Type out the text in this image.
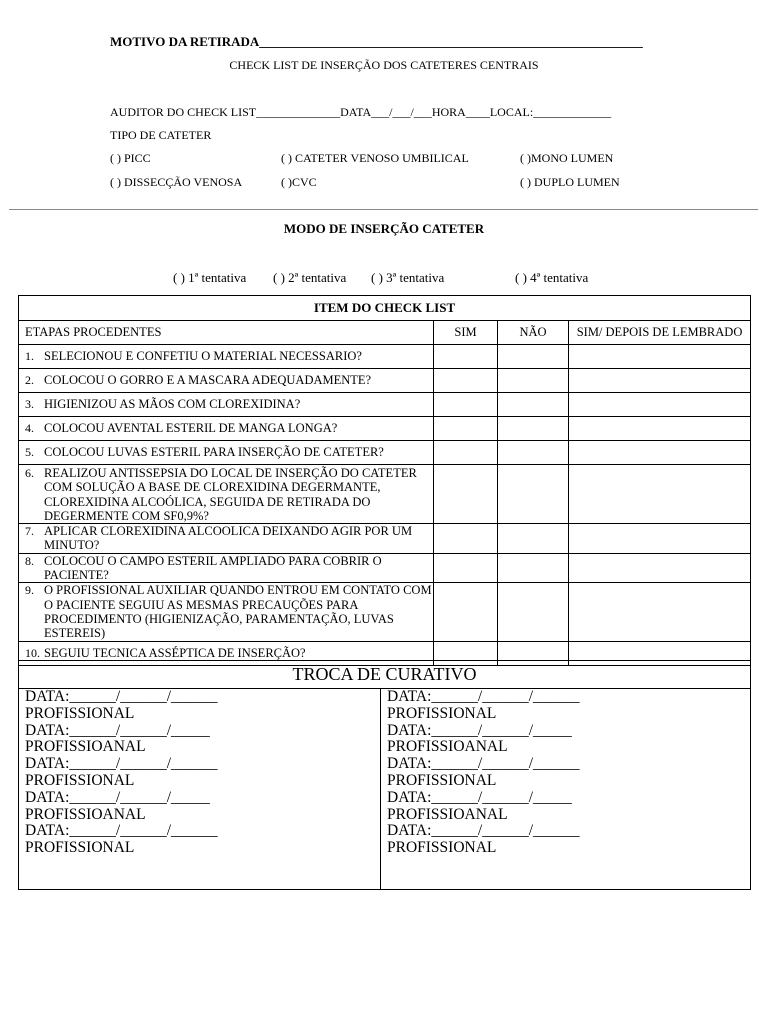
MOTIVO DA RETIRADA___________________________________________________________
CHECK LIST DE INSERÇÃO DOS CATETERES CENTRAIS
AUDITOR DO CHECK LIST______________DATA___/___/___HORA____LOCAL:_____________
TIPO DE CATETER
( ) PICC	( ) CATETER VENOSO UMBILICAL	( )MONO LUMEN
( ) DISSECÇÃO VENOSA	( )CVC	( ) DUPLO LUMEN
MODO DE INSERÇÃO CATETER
( ) 1ª tentativa ( ) 2ª tentativa ( ) 3ª tentativa	( ) 4ª tentativa
ITEM DO CHECK LIST			
ETAPAS PROCEDENTES	SIM	NÃO	SIM/ DEPOIS DE LEMBRADO

1. SELECIONOU E CONFETIU O MATERIAL NECESSARIO?			

2. COLOCOU O GORRO E A MASCARA ADEQUADAMENTE?			

3. HIGIENIZOU AS MÃOS COM CLOREXIDINA?			

4. COLOCOU AVENTAL ESTERIL DE MANGA LONGA?			

5. COLOCOU LUVAS ESTERIL PARA INSERÇÃO DE CATETER?			

6. REALIZOU ANTISSEPSIA DO LOCAL DE INSERÇÃO DO CATETER COM SOLUÇÃO A BASE DE CLOREXIDINA DEGERMANTE, CLOREXIDINA ALCOÓLICA, SEGUIDA DE RETIRADA DO DEGERMENTE COM SF0,9%?			

7. APLICAR CLOREXIDINA ALCOOLICA DEIXANDO AGIR POR UM MINUTO?			

8. COLOCOU O CAMPO ESTERIL AMPLIADO PARA COBRIR O PACIENTE?			

9. O PROFISSIONAL AUXILIAR QUANDO ENTROU EM CONTATO COM O PACIENTE SEGUIU AS MESMAS PRECAUÇÕES PARA PROCEDIMENTO (HIGIENIZAÇÃO, PARAMENTAÇÃO, LUVAS ESTEREIS)			

10. SEGUIU TECNICA ASSÉPTICA DE INSERÇÃO?			

TROCA DE CURATIVO

DATA:______/______/______
PROFISSIONAL
DATA:______/______/_____
PROFISSIOANAL
DATA:______/______/______
PROFISSIONAL
DATA:______/______/_____
PROFISSIOANAL
DATA:______/______/______
PROFISSIONAL

DATA:______/______/______
PROFISSIONAL
DATA:______/______/_____
PROFISSIOANAL
DATA:______/______/______
PROFISSIONAL
DATA:______/______/_____
PROFISSIOANAL
DATA:______/______/______
PROFISSIONAL
